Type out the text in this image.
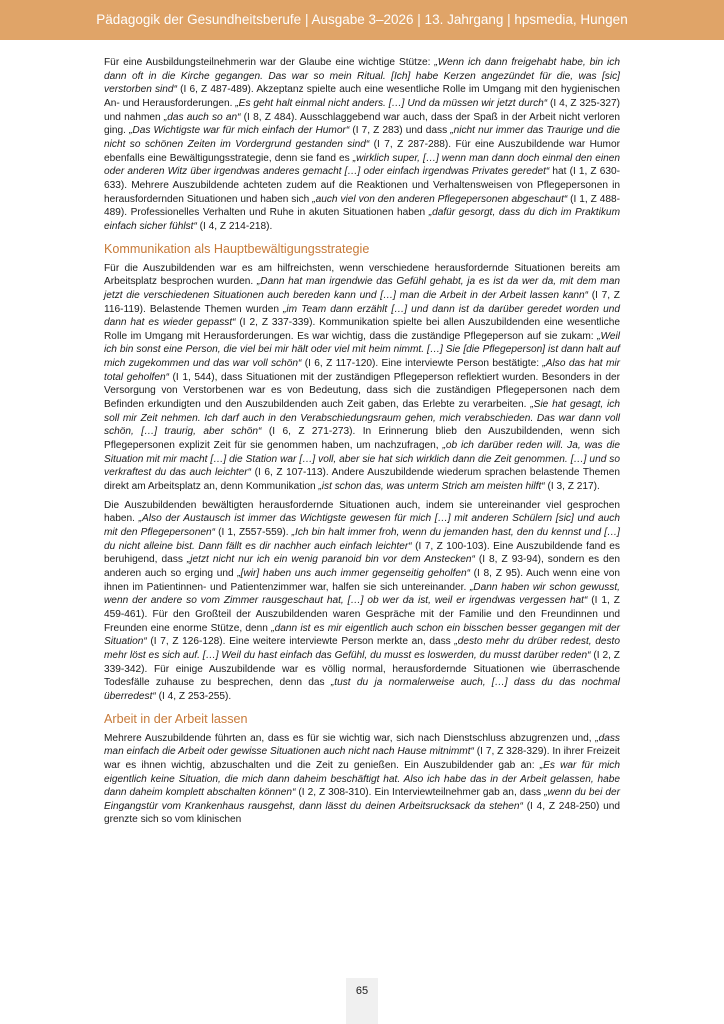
Pädagogik der Gesundheitsberufe | Ausgabe 3–2026 | 13. Jahrgang | hpsmedia, Hungen

Für eine Ausbildungsteilnehmerin war der Glaube eine wichtige Stütze: „Wenn ich dann freigehabt habe, bin ich dann oft in die Kirche gegangen. Das war so mein Ritual. [Ich] habe Kerzen angezündet für die, was [sic] verstorben sind“ (I 6, Z 487-489). Akzeptanz spielte auch eine wesentliche Rolle im Umgang mit den hygienischen An- und Herausforderungen. „Es geht halt einmal nicht anders. […] Und da müssen wir jetzt durch“ (I 4, Z 325-327) und nahmen „das auch so an“ (I 8, Z 484). Ausschlaggebend war auch, dass der Spaß in der Arbeit nicht verloren ging. „Das Wichtigste war für mich einfach der Humor“ (I 7, Z 283) und dass „nicht nur immer das Traurige und die nicht so schönen Zeiten im Vordergrund gestanden sind“ (I 7, Z 287-288). Für eine Auszubildende war Humor ebenfalls eine Bewältigungsstrategie, denn sie fand es „wirklich super, […] wenn man dann doch einmal den einen oder anderen Witz über irgendwas anderes gemacht […] oder einfach irgendwas Privates geredet“ hat (I 1, Z 630-633). Mehrere Auszubildende achteten zudem auf die Reaktionen und Verhaltensweisen von Pflegepersonen in herausfordernden Situationen und haben sich „auch viel von den anderen Pflegepersonen abgeschaut“ (I 1, Z 488-489). Professionelles Verhalten und Ruhe in akuten Situationen haben „dafür gesorgt, dass du dich im Praktikum einfach sicher fühlst“ (I 4, Z 214-218).

Kommunikation als Hauptbewältigungsstrategie

Für die Auszubildenden war es am hilfreichsten, wenn verschiedene herausfordernde Situationen bereits am Arbeitsplatz besprochen wurden. „Dann hat man irgendwie das Gefühl gehabt, ja es ist da wer da, mit dem man jetzt die verschiedenen Situationen auch bereden kann und […] man die Arbeit in der Arbeit lassen kann“ (I 7, Z 116-119). Belastende Themen wurden „im Team dann erzählt […] und dann ist da darüber geredet worden und dann hat es wieder gepasst“ (I 2, Z 337-339). Kommunikation spielte bei allen Auszubildenden eine wesentliche Rolle im Umgang mit Herausforderungen. Es war wichtig, dass die zuständige Pflegeperson auf sie zukam: „Weil ich bin sonst eine Person, die viel bei mir hält oder viel mit heim nimmt. […] Sie [die Pflegeperson] ist dann halt auf mich zugekommen und das war voll schön“ (I 6, Z 117-120). Eine interviewte Person bestätigte: „Also das hat mir total geholfen“ (I 1, 544), dass Situationen mit der zuständigen Pflegeperson reflektiert wurden. Besonders in der Versorgung von Verstorbenen war es von Bedeutung, dass sich die zuständigen Pflegepersonen nach dem Befinden erkundigten und den Auszubildenden auch Zeit gaben, das Erlebte zu verarbeiten. „Sie hat gesagt, ich soll mir Zeit nehmen. Ich darf auch in den Verabschiedungsraum gehen, mich verabschieden. Das war dann voll schön, […] traurig, aber schön“ (I 6, Z 271-273). In Erinnerung blieb den Auszubildenden, wenn sich Pflegepersonen explizit Zeit für sie genommen haben, um nachzufragen, „ob ich darüber reden will. Ja, was die Situation mit mir macht […] die Station war […] voll, aber sie hat sich wirklich dann die Zeit genommen. […] und so verkraftest du das auch leichter“ (I 6, Z 107-113). Andere Auszubildende wiederum sprachen belastende Themen direkt am Arbeitsplatz an, denn Kommunikation „ist schon das, was unterm Strich am meisten hilft“ (I 3, Z 217).

Die Auszubildenden bewältigten herausfordernde Situationen auch, indem sie untereinander viel gesprochen haben. „Also der Austausch ist immer das Wichtigste gewesen für mich […] mit anderen Schülern [sic] und auch mit den Pflegepersonen“ (I 1, Z557-559). „Ich bin halt immer froh, wenn du jemanden hast, den du kennst und […] du nicht alleine bist. Dann fällt es dir nachher auch einfach leichter“ (I 7, Z 100-103). Eine Auszubildende fand es beruhigend, dass „jetzt nicht nur ich ein wenig paranoid bin vor dem Anstecken“ (I 8, Z 93-94), sondern es den anderen auch so erging und „[wir] haben uns auch immer gegenseitig geholfen“ (I 8, Z 95). Auch wenn eine von ihnen im Patientinnen- und Patientenzimmer war, halfen sie sich untereinander. „Dann haben wir schon gewusst, wenn der andere so vom Zimmer rausgeschaut hat, […] ob wer da ist, weil er irgendwas vergessen hat“ (I 1, Z 459-461). Für den Großteil der Auszubildenden waren Gespräche mit der Familie und den Freundinnen und Freunden eine enorme Stütze, denn „dann ist es mir eigentlich auch schon ein bisschen besser gegangen mit der Situation“ (I 7, Z 126-128). Eine weitere interviewte Person merkte an, dass „desto mehr du drüber redest, desto mehr löst es sich auf. […] Weil du hast einfach das Gefühl, du musst es loswerden, du musst darüber reden“ (I 2, Z 339-342). Für einige Auszubildende war es völlig normal, herausfordernde Situationen wie überraschende Todesfälle zuhause zu besprechen, denn das „tust du ja normalerweise auch, […] dass du das nochmal überredest“ (I 4, Z 253-255).

Arbeit in der Arbeit lassen

Mehrere Auszubildende führten an, dass es für sie wichtig war, sich nach Dienstschluss abzugrenzen und, „dass man einfach die Arbeit oder gewisse Situationen auch nicht nach Hause mitnimmt“ (I 7, Z 328-329). In ihrer Freizeit war es ihnen wichtig, abzuschalten und die Zeit zu genießen. Ein Auszubildender gab an: „Es war für mich eigentlich keine Situation, die mich dann daheim beschäftigt hat. Also ich habe das in der Arbeit gelassen, habe dann daheim komplett abschalten können“ (I 2, Z 308-310). Ein Interviewteilnehmer gab an, dass „wenn du bei der Eingangstür vom Krankenhaus rausgehst, dann lässt du deinen Arbeitsrucksack da stehen“ (I 4, Z 248-250) und grenzte sich so vom klinischen

65
